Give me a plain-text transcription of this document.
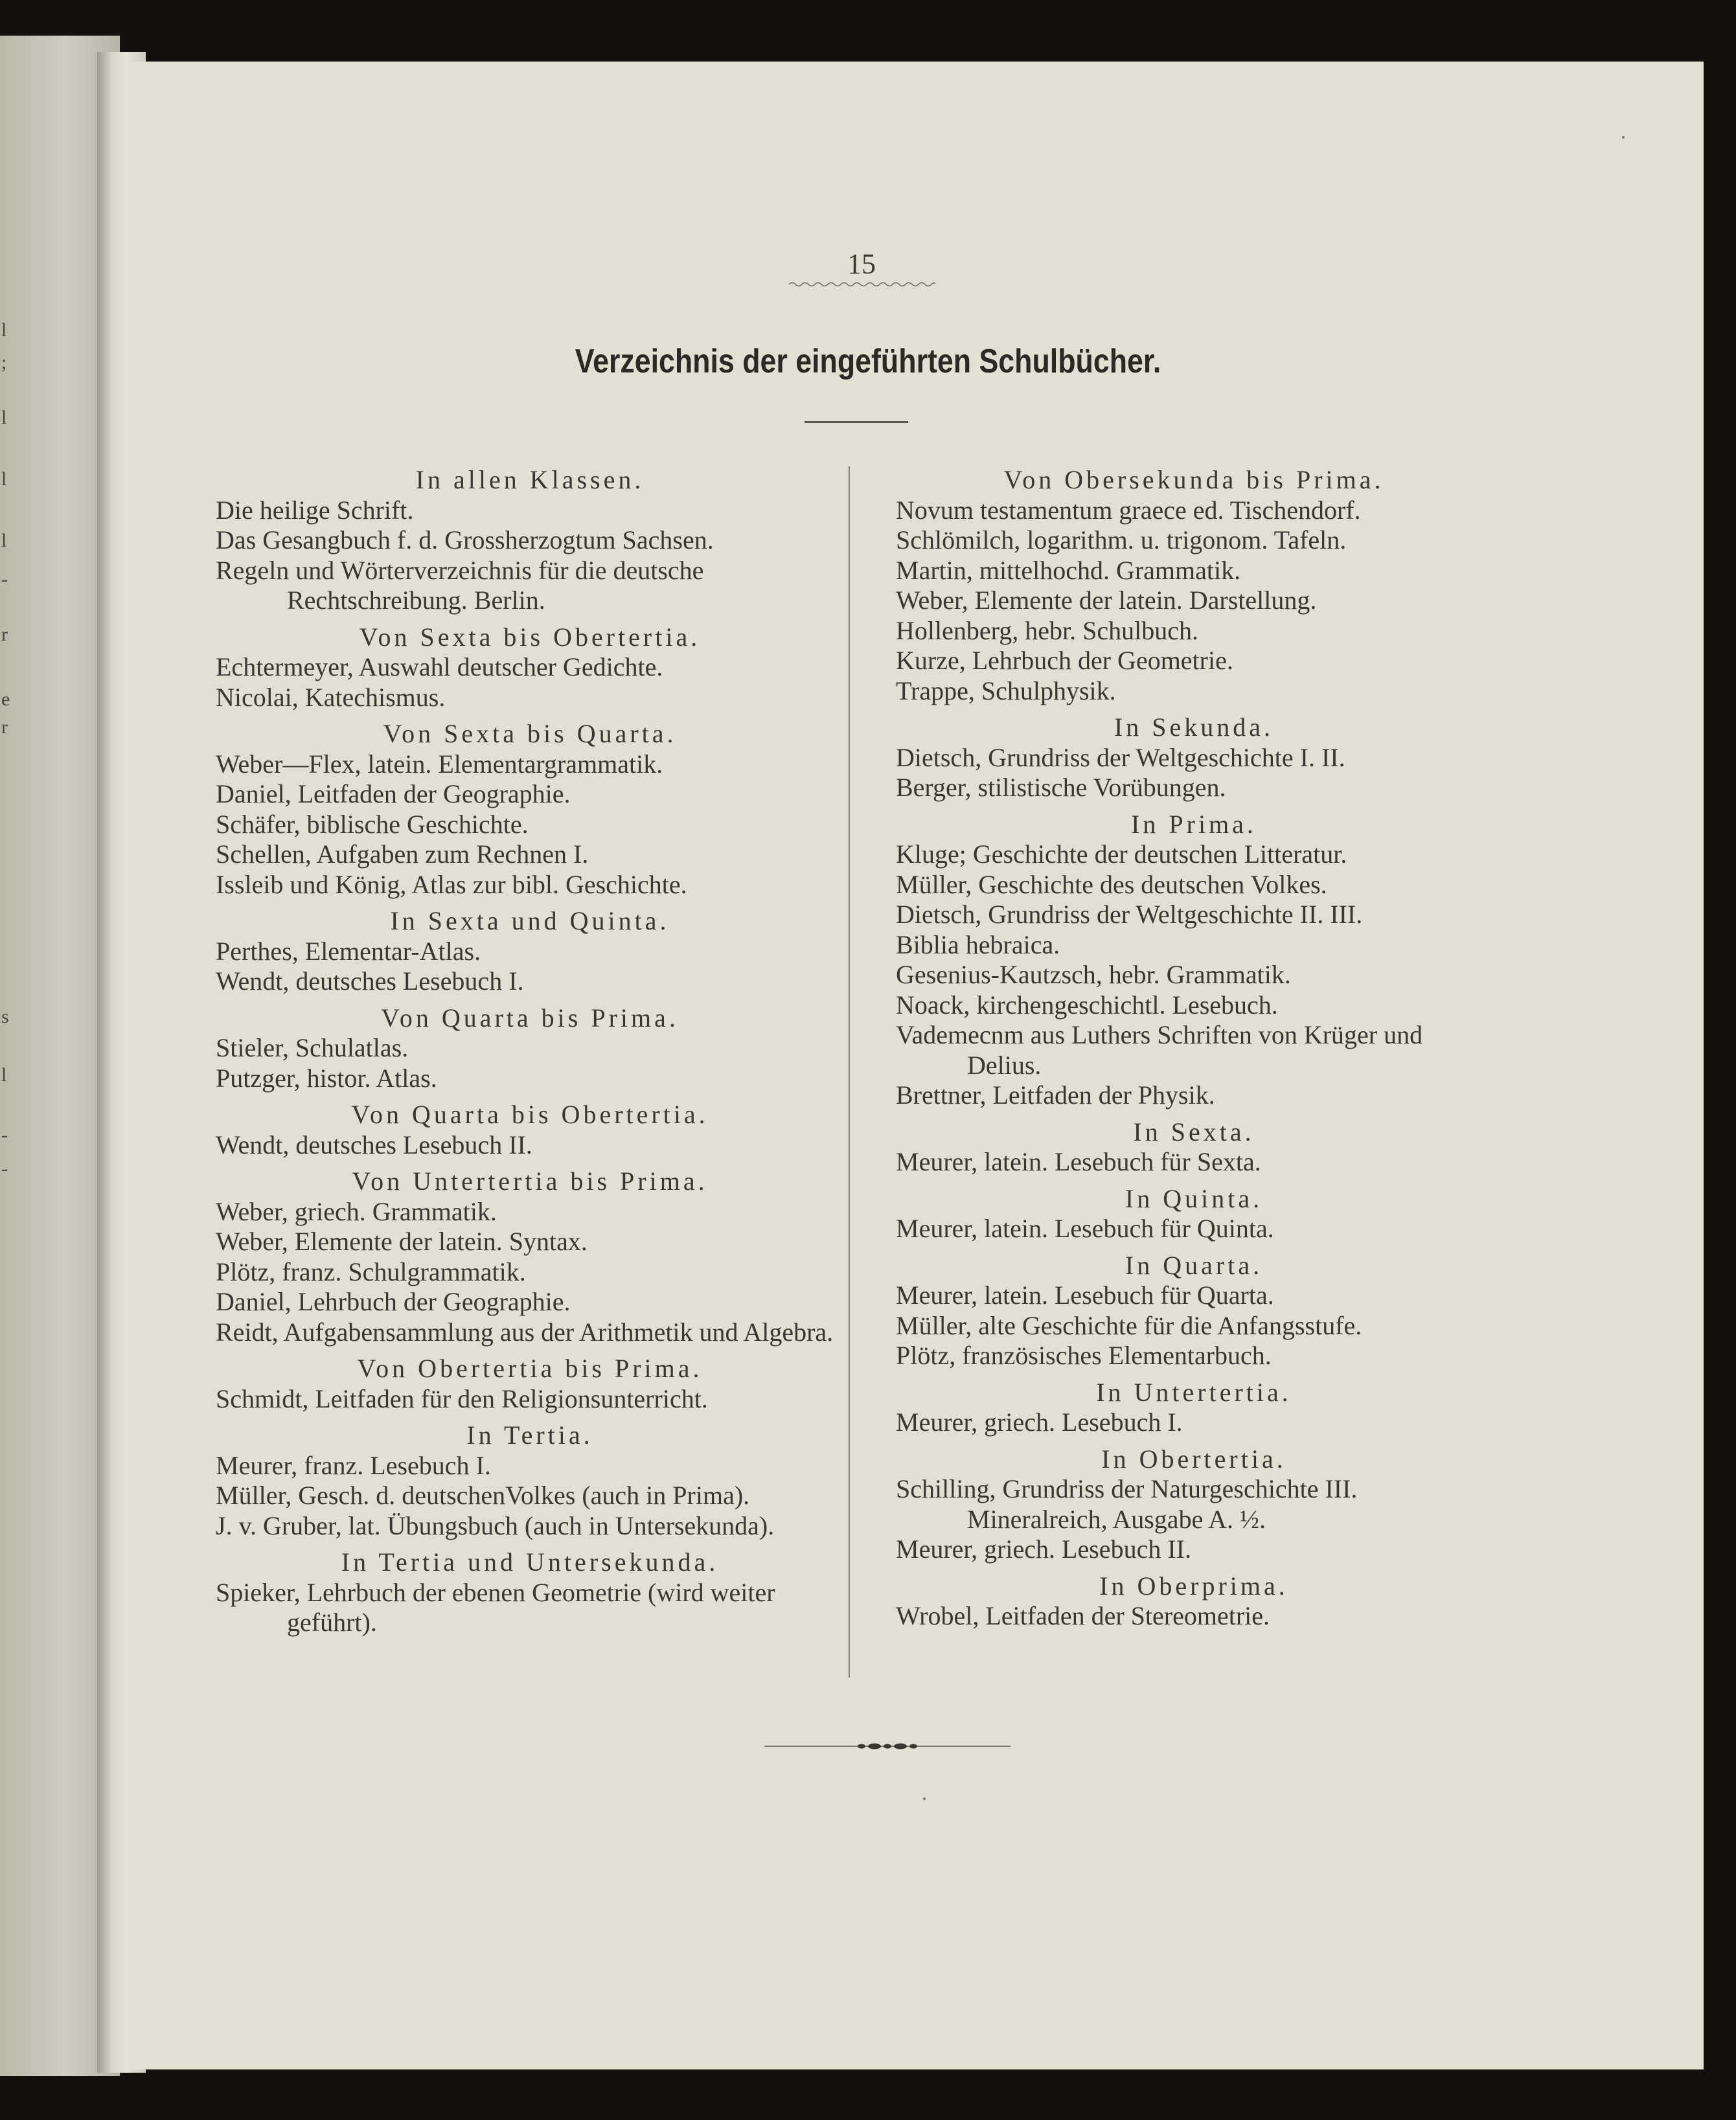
l
;
l
l
l
-
r
e
r
s
l
-
-
15
Verzeichnis der eingeführten Schulbücher.
In allen Klassen.
Die heilige Schrift.
Das Gesangbuch f. d. Grossherzogtum Sachsen.
Regeln und Wörterverzeichnis für die deutsche Rechtschreibung. Berlin.
Von Sexta bis Obertertia.
Echtermeyer, Auswahl deutscher Gedichte.
Nicolai, Katechismus.
Von Sexta bis Quarta.
Weber—Flex, latein. Elementargrammatik.
Daniel, Leitfaden der Geographie.
Schäfer, biblische Geschichte.
Schellen, Aufgaben zum Rechnen I.
Issleib und König, Atlas zur bibl. Geschichte.
In Sexta und Quinta.
Perthes, Elementar-Atlas.
Wendt, deutsches Lesebuch I.
Von Quarta bis Prima.
Stieler, Schulatlas.
Putzger, histor. Atlas.
Von Quarta bis Obertertia.
Wendt, deutsches Lesebuch II.
Von Untertertia bis Prima.
Weber, griech. Grammatik.
Weber, Elemente der latein. Syntax.
Plötz, franz. Schulgrammatik.
Daniel, Lehrbuch der Geographie.
Reidt, Aufgabensammlung aus der Arithmetik und Algebra.
Von Obertertia bis Prima.
Schmidt, Leitfaden für den Religionsunterricht.
In Tertia.
Meurer, franz. Lesebuch I.
Müller, Gesch. d. deutschenVolkes (auch in Prima).
J. v. Gruber, lat. Übungsbuch (auch in Untersekunda).
In Tertia und Untersekunda.
Spieker, Lehrbuch der ebenen Geometrie (wird weiter geführt).
Von Obersekunda bis Prima.
Novum testamentum graece ed. Tischendorf.
Schlömilch, logarithm. u. trigonom. Tafeln.
Martin, mittelhochd. Grammatik.
Weber, Elemente der latein. Darstellung.
Hollenberg, hebr. Schulbuch.
Kurze, Lehrbuch der Geometrie.
Trappe, Schulphysik.
In Sekunda.
Dietsch, Grundriss der Weltgeschichte I. II.
Berger, stilistische Vorübungen.
In Prima.
Kluge; Geschichte der deutschen Litteratur.
Müller, Geschichte des deutschen Volkes.
Dietsch, Grundriss der Weltgeschichte II. III.
Biblia hebraica.
Gesenius-Kautzsch, hebr. Grammatik.
Noack, kirchengeschichtl. Lesebuch.
Vademecnm aus Luthers Schriften von Krüger und Delius.
Brettner, Leitfaden der Physik.
In Sexta.
Meurer, latein. Lesebuch für Sexta.
In Quinta.
Meurer, latein. Lesebuch für Quinta.
In Quarta.
Meurer, latein. Lesebuch für Quarta.
Müller, alte Geschichte für die Anfangsstufe.
Plötz, französisches Elementarbuch.
In Untertertia.
Meurer, griech. Lesebuch I.
In Obertertia.
Schilling, Grundriss der Naturgeschichte III. Mineralreich, Ausgabe A. ½.
Meurer, griech. Lesebuch II.
In Oberprima.
Wrobel, Leitfaden der Stereometrie.
